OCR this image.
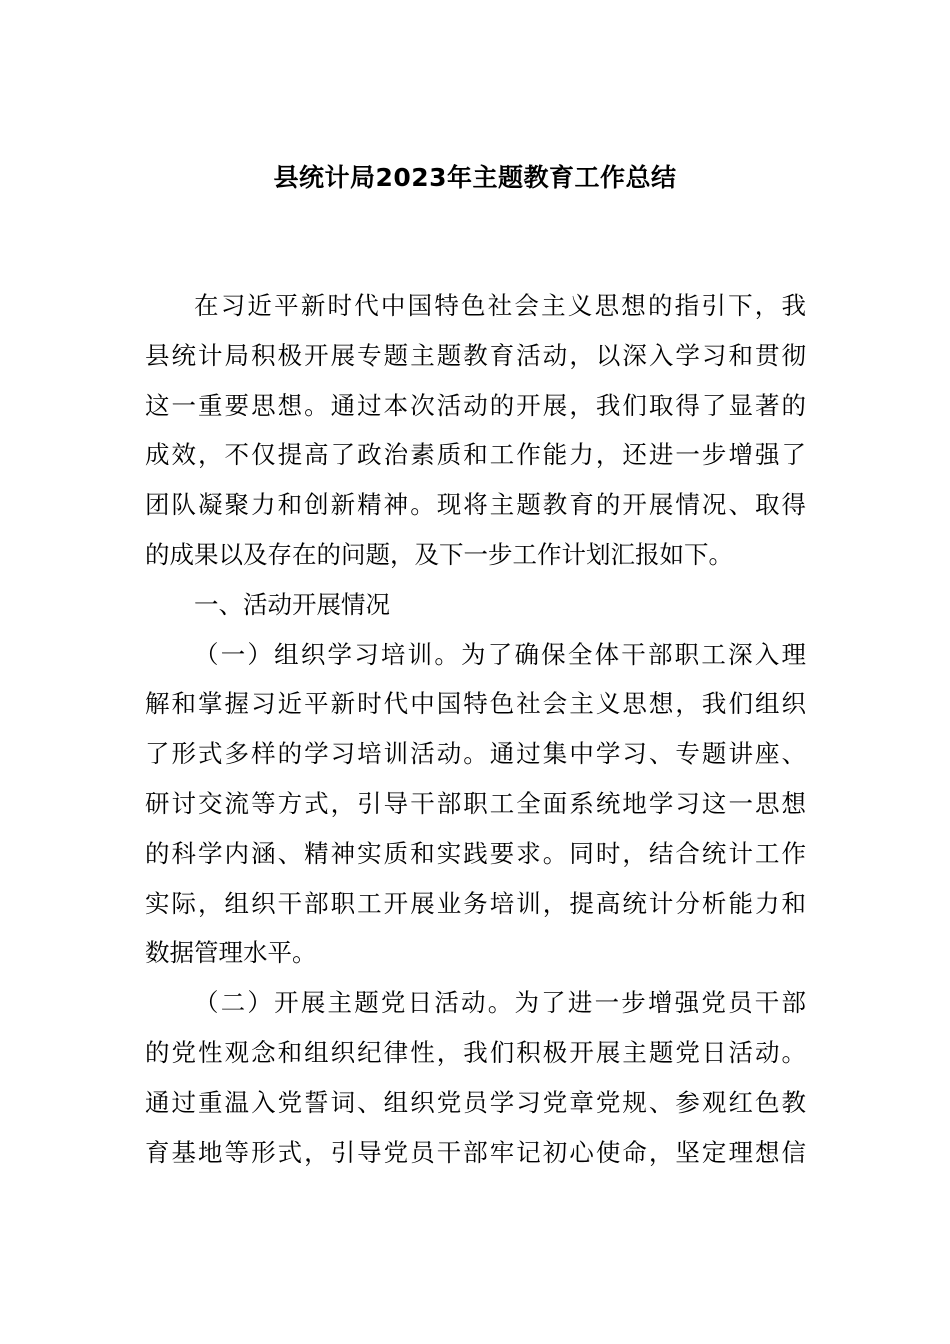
县统计局2023年主题教育工作总结

在习近平新时代中国特色社会主义思想的指引下，我
县统计局积极开展专题主题教育活动，以深入学习和贯彻
这一重要思想。通过本次活动的开展，我们取得了显著的
成效，不仅提高了政治素质和工作能力，还进一步增强了
团队凝聚力和创新精神。现将主题教育的开展情况、取得
的成果以及存在的问题，及下一步工作计划汇报如下。

一、活动开展情况

（一）组织学习培训。为了确保全体干部职工深入理
解和掌握习近平新时代中国特色社会主义思想，我们组织
了形式多样的学习培训活动。通过集中学习、专题讲座、
研讨交流等方式，引导干部职工全面系统地学习这一思想
的科学内涵、精神实质和实践要求。同时，结合统计工作
实际，组织干部职工开展业务培训，提高统计分析能力和
数据管理水平。

（二）开展主题党日活动。为了进一步增强党员干部
的党性观念和组织纪律性，我们积极开展主题党日活动。
通过重温入党誓词、组织党员学习党章党规、参观红色教
育基地等形式，引导党员干部牢记初心使命，坚定理想信
